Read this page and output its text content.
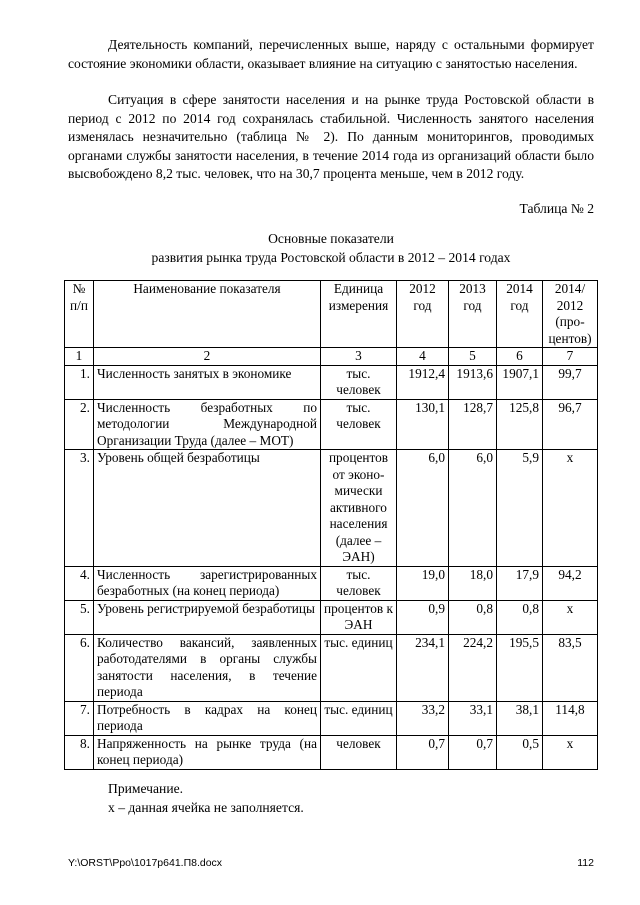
Деятельность компаний, перечисленных выше, наряду с остальными формирует состояние экономики области, оказывает влияние на ситуацию с занятостью населения.

Ситуация в сфере занятости населения и на рынке труда Ростовской области в период с 2012 по 2014 год сохранялась стабильной. Численность занятого населения изменялась незначительно (таблица № 2). По данным мониторингов, проводимых органами службы занятости населения, в течение 2014 года из организаций области было высвобождено 8,2 тыс. человек, что на 30,7 процента меньше, чем в 2012 году.

Таблица № 2
Основные показатели
развития рынка труда Ростовской области в 2012 – 2014 годах
№ п/п	Наименование показателя	Единица измерения	2012 год	2013 год	2014 год	2014/ 2012 (про-центов)
1	2	3	4	5	6	7
1.	Численность занятых в экономике	тыс. человек	1912,4	1913,6	1907,1	99,7
2.	Численность безработных по методологии Международной Организации Труда (далее – МОТ)	тыс. человек	130,1	128,7	125,8	96,7
3.	Уровень общей безработицы	процентов от эконо-мически активного населения (далее – ЭАН)	6,0	6,0	5,9	x
4.	Численность зарегистрированных безработных (на конец периода)	тыс. человек	19,0	18,0	17,9	94,2
5.	Уровень регистрируемой безработицы	процентов к ЭАН	0,9	0,8	0,8	x
6.	Количество вакансий, заявленных работодателями в органы службы занятости населения, в течение периода	тыс. единиц	234,1	224,2	195,5	83,5
7.	Потребность в кадрах на конец периода	тыс. единиц	33,2	33,1	38,1	114,8
8.	Напряженность на рынке труда (на конец периода)	человек	0,7	0,7	0,5	x
Примечание.
х – данная ячейка не заполняется.
Y:\ORST\Ppo\1017p641.П8.docx	112
